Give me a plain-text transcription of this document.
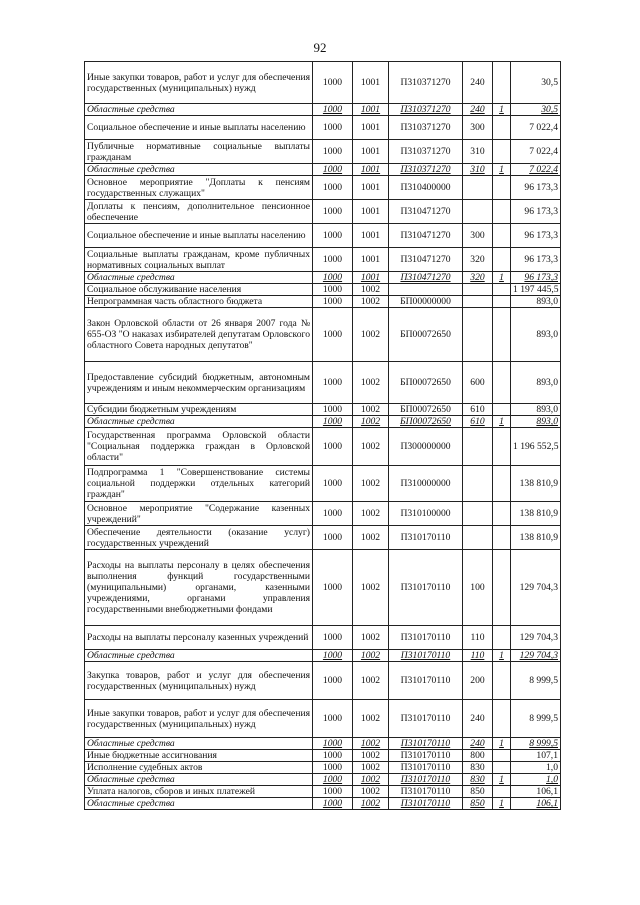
92
Иные закупки товаров, работ и услуг для обеспечения государственных (муниципальных) нужд	1000	1001	П310371270	240		30,5
Областные средства	1000	1001	П310371270	240	1	30,5
Социальное обеспечение и иные выплаты населению	1000	1001	П310371270	300		7 022,4
Публичные нормативные социальные выплаты гражданам	1000	1001	П310371270	310		7 022,4
Областные средства	1000	1001	П310371270	310	1	7 022,4
Основное мероприятие "Доплаты к пенсиям государственных служащих"	1000	1001	П310400000			96 173,3
Доплаты к пенсиям, дополнительное пенсионное обеспечение	1000	1001	П310471270			96 173,3
Социальное обеспечение и иные выплаты населению	1000	1001	П310471270	300		96 173,3
Социальные выплаты гражданам, кроме публичных нормативных социальных выплат	1000	1001	П310471270	320		96 173,3
Областные средства	1000	1001	П310471270	320	1	96 173,3
Социальное обслуживание населения	1000	1002				1 197 445,5
Непрограммная часть областного бюджета	1000	1002	БП00000000			893,0
Закон Орловской области от 26 января 2007 года № 655-ОЗ "О наказах избирателей депутатам Орловского областного Совета народных депутатов"	1000	1002	БП00072650			893,0
Предоставление субсидий бюджетным, автономным учреждениям и иным некоммерческим организациям	1000	1002	БП00072650	600		893,0
Субсидии бюджетным учреждениям	1000	1002	БП00072650	610		893,0
Областные средства	1000	1002	БП00072650	610	1	893,0
Государственная программа Орловской области "Социальная поддержка граждан в Орловской области"	1000	1002	П300000000			1 196 552,5
Подпрограмма 1 "Совершенствование системы социальной поддержки отдельных категорий граждан"	1000	1002	П310000000			138 810,9
Основное мероприятие "Содержание казенных учреждений"	1000	1002	П310100000			138 810,9
Обеспечение деятельности (оказание услуг) государственных учреждений	1000	1002	П310170110			138 810,9
Расходы на выплаты персоналу в целях обеспечения выполнения функций государственными (муниципальными) органами, казенными учреждениями, органами управления государственными внебюджетными фондами	1000	1002	П310170110	100		129 704,3
Расходы на выплаты персоналу казенных учреждений	1000	1002	П310170110	110		129 704,3
Областные средства	1000	1002	П310170110	110	1	129 704,3
Закупка товаров, работ и услуг для обеспечения государственных (муниципальных) нужд	1000	1002	П310170110	200		8 999,5
Иные закупки товаров, работ и услуг для обеспечения государственных (муниципальных) нужд	1000	1002	П310170110	240		8 999,5
Областные средства	1000	1002	П310170110	240	1	8 999,5
Иные бюджетные ассигнования	1000	1002	П310170110	800		107,1
Исполнение судебных актов	1000	1002	П310170110	830		1,0
Областные средства	1000	1002	П310170110	830	1	1,0
Уплата налогов, сборов и иных платежей	1000	1002	П310170110	850		106,1
Областные средства	1000	1002	П310170110	850	1	106,1
